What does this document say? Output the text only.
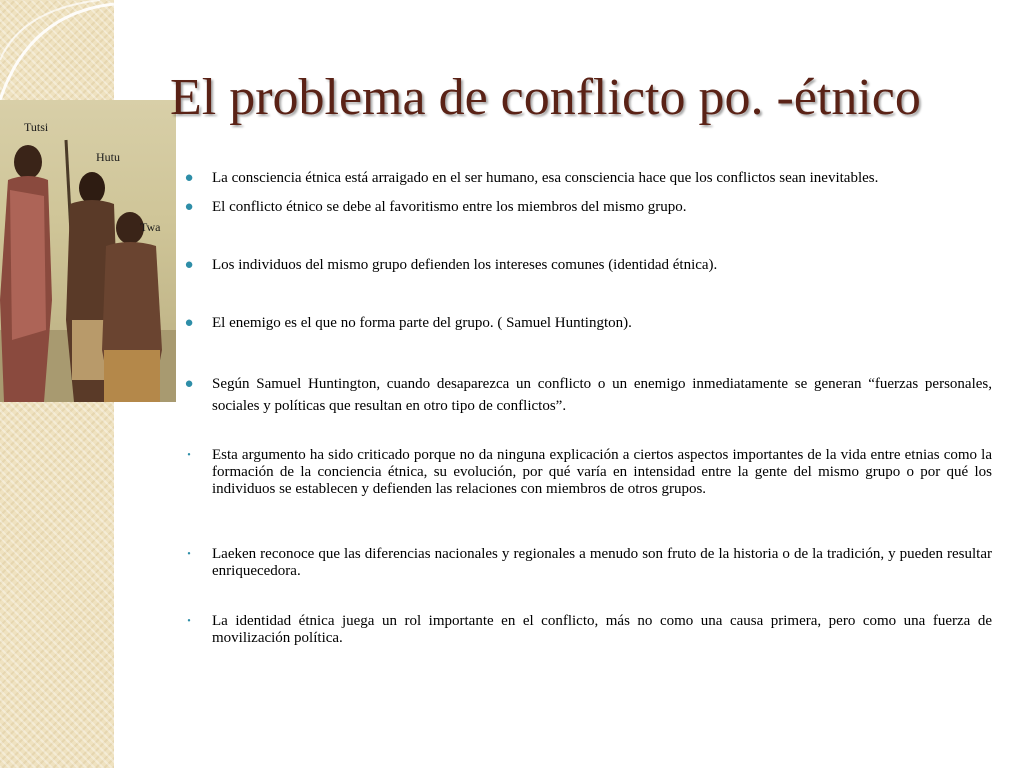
Tutsi
Hutu
Twa
El problema de conflicto po. -étnico
● La consciencia étnica está arraigado en el ser humano, esa consciencia hace que los conflictos sean inevitables.
● El conflicto étnico se debe al favoritismo entre los miembros del mismo grupo.
● Los individuos del mismo grupo defienden los intereses comunes (identidad étnica).
● El enemigo es el que no forma parte del grupo. ( Samuel Huntington).
● Según Samuel Huntington, cuando desaparezca un conflicto o un enemigo inmediatamente se generan “fuerzas personales, sociales y políticas que resultan en otro tipo de conflictos”.
• Esta argumento ha sido criticado porque no da ninguna explicación a ciertos aspectos importantes de la vida entre etnias como la formación de la conciencia étnica, su evolución, por qué varía en intensidad entre la gente del mismo grupo o por qué los individuos se establecen y defienden las relaciones con miembros de otros grupos.
• Laeken reconoce que las diferencias nacionales y regionales a menudo son fruto de la historia o de la tradición, y pueden resultar enriquecedora.
• La identidad étnica juega un rol importante en el conflicto, más no como una causa primera, pero como una fuerza de movilización política.
